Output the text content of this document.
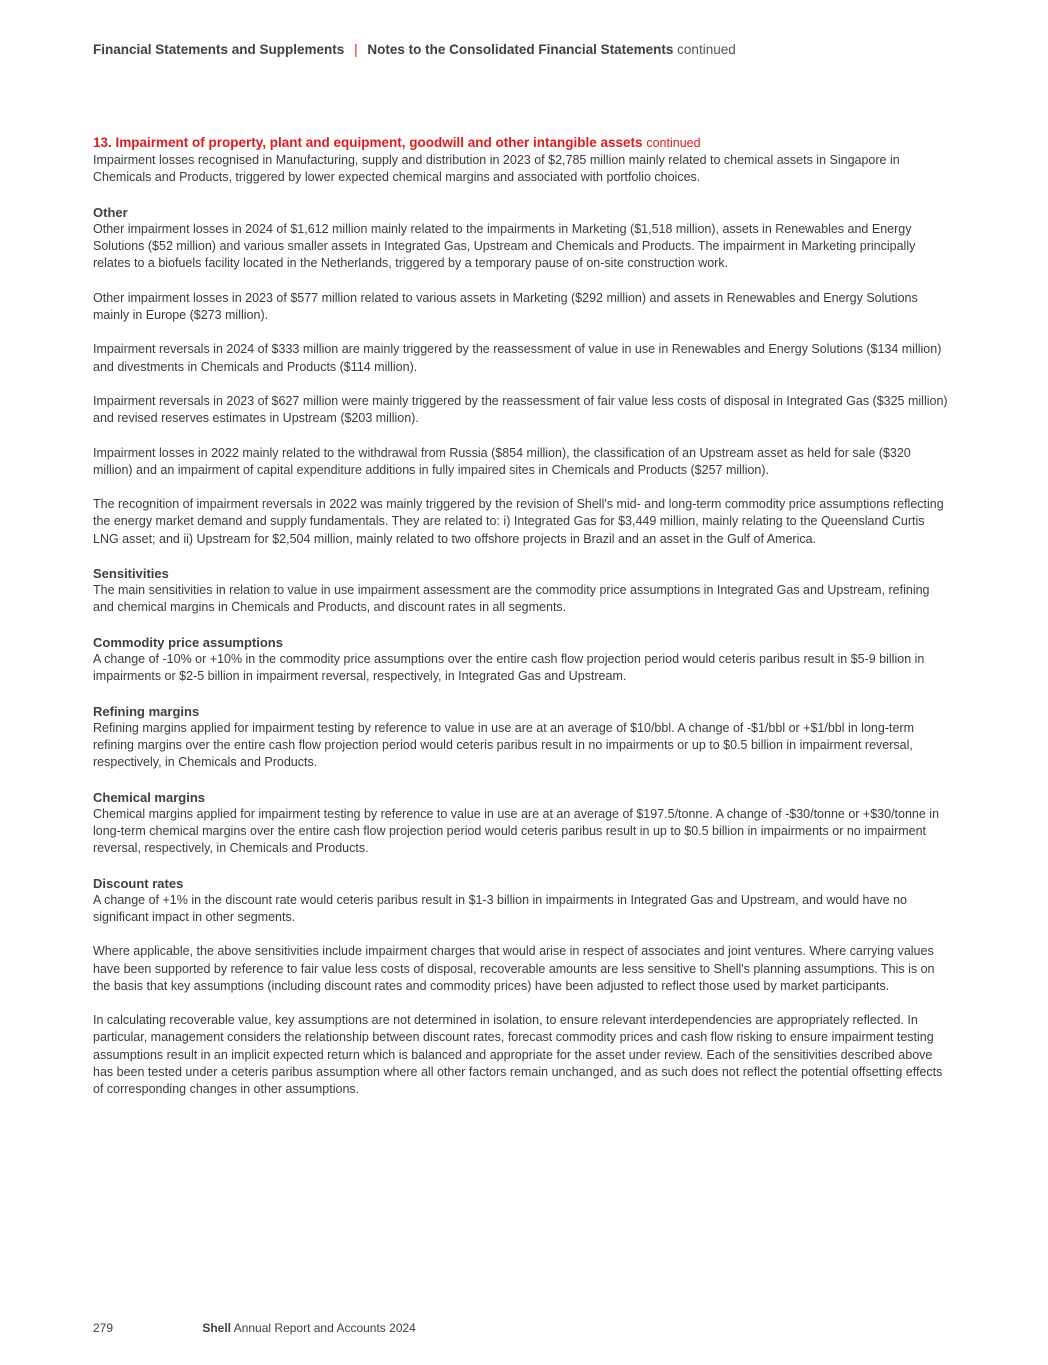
Financial Statements and Supplements | Notes to the Consolidated Financial Statements continued
13. Impairment of property, plant and equipment, goodwill and other intangible assets continued

Impairment losses recognised in Manufacturing, supply and distribution in 2023 of $2,785 million mainly related to chemical assets in Singapore in Chemicals and Products, triggered by lower expected chemical margins and associated with portfolio choices.

Other

Other impairment losses in 2024 of $1,612 million mainly related to the impairments in Marketing ($1,518 million), assets in Renewables and Energy Solutions ($52 million) and various smaller assets in Integrated Gas, Upstream and Chemicals and Products. The impairment in Marketing principally relates to a biofuels facility located in the Netherlands, triggered by a temporary pause of on-site construction work.

Other impairment losses in 2023 of $577 million related to various assets in Marketing ($292 million) and assets in Renewables and Energy Solutions mainly in Europe ($273 million).

Impairment reversals in 2024 of $333 million are mainly triggered by the reassessment of value in use in Renewables and Energy Solutions ($134 million) and divestments in Chemicals and Products ($114 million).

Impairment reversals in 2023 of $627 million were mainly triggered by the reassessment of fair value less costs of disposal in Integrated Gas ($325 million) and revised reserves estimates in Upstream ($203 million).

Impairment losses in 2022 mainly related to the withdrawal from Russia ($854 million), the classification of an Upstream asset as held for sale ($320 million) and an impairment of capital expenditure additions in fully impaired sites in Chemicals and Products ($257 million).

The recognition of impairment reversals in 2022 was mainly triggered by the revision of Shell's mid- and long-term commodity price assumptions reflecting the energy market demand and supply fundamentals. They are related to: i) Integrated Gas for $3,449 million, mainly relating to the Queensland Curtis LNG asset; and ii) Upstream for $2,504 million, mainly related to two offshore projects in Brazil and an asset in the Gulf of America.

Sensitivities

The main sensitivities in relation to value in use impairment assessment are the commodity price assumptions in Integrated Gas and Upstream, refining and chemical margins in Chemicals and Products, and discount rates in all segments.

Commodity price assumptions

A change of -10% or +10% in the commodity price assumptions over the entire cash flow projection period would ceteris paribus result in $5-9 billion in impairments or $2-5 billion in impairment reversal, respectively, in Integrated Gas and Upstream.

Refining margins

Refining margins applied for impairment testing by reference to value in use are at an average of $10/bbl. A change of -$1/bbl or +$1/bbl in long-term refining margins over the entire cash flow projection period would ceteris paribus result in no impairments or up to $0.5 billion in impairment reversal, respectively, in Chemicals and Products.

Chemical margins

Chemical margins applied for impairment testing by reference to value in use are at an average of $197.5/tonne. A change of -$30/tonne or +$30/tonne in long-term chemical margins over the entire cash flow projection period would ceteris paribus result in up to $0.5 billion in impairments or no impairment reversal, respectively, in Chemicals and Products.

Discount rates

A change of +1% in the discount rate would ceteris paribus result in $1-3 billion in impairments in Integrated Gas and Upstream, and would have no significant impact in other segments.

Where applicable, the above sensitivities include impairment charges that would arise in respect of associates and joint ventures. Where carrying values have been supported by reference to fair value less costs of disposal, recoverable amounts are less sensitive to Shell's planning assumptions. This is on the basis that key assumptions (including discount rates and commodity prices) have been adjusted to reflect those used by market participants.

In calculating recoverable value, key assumptions are not determined in isolation, to ensure relevant interdependencies are appropriately reflected. In particular, management considers the relationship between discount rates, forecast commodity prices and cash flow risking to ensure impairment testing assumptions result in an implicit expected return which is balanced and appropriate for the asset under review. Each of the sensitivities described above has been tested under a ceteris paribus assumption where all other factors remain unchanged, and as such does not reflect the potential offsetting effects of corresponding changes in other assumptions.

279	Shell Annual Report and Accounts 2024
